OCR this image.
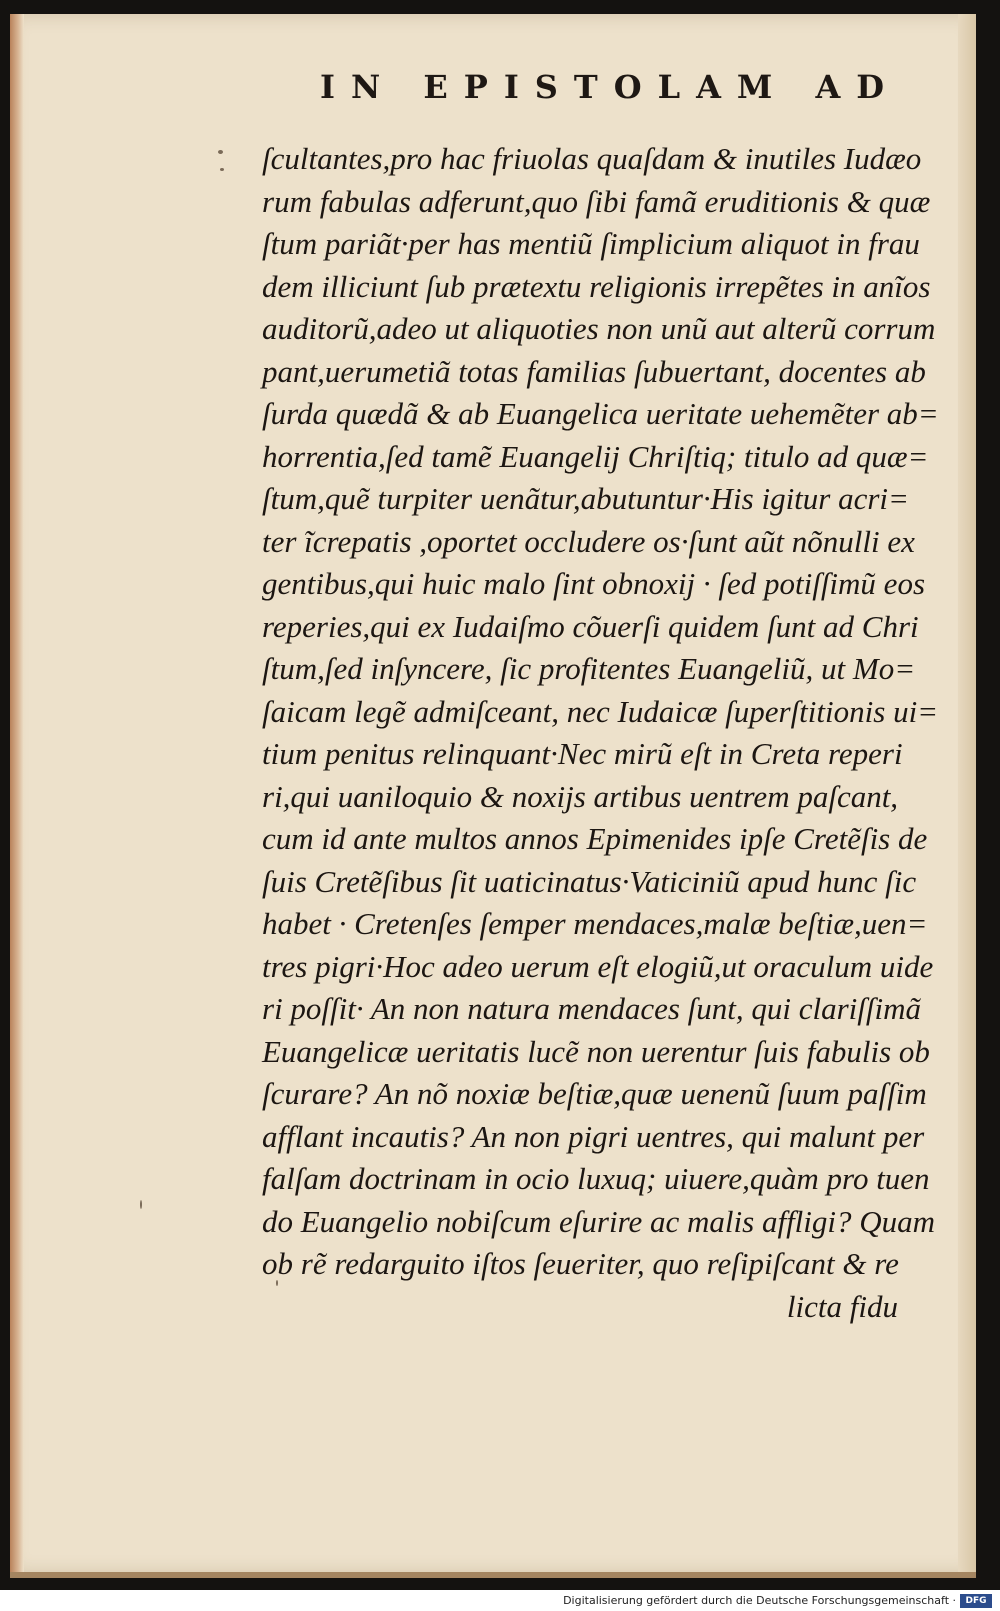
IN EPISTOLAM AD
ſcultantes,pro hac friuolas quaſdam & inutiles Iudæo
rum fabulas adferunt,quo ſibi famã eruditionis & quæ
ſtum pariãt·per has mentiũ ſimplicium aliquot in frau
dem illiciunt ſub prætextu religionis irrepẽtes in anĩos
auditorũ,adeo ut aliquoties non unũ aut alterũ corrum
pant,uerumetiã totas familias ſubuertant, docentes ab
ſurda quædã & ab Euangelica ueritate uehemẽter ab=
horrentia,ſed tamẽ Euangelij Chriſtiq; titulo ad quæ=
ſtum,quẽ turpiter uenãtur,abutuntur·His igitur acri=
ter ĩcrepatis ,oportet occludere os·ſunt aũt nõnulli ex
gentibus,qui huic malo ſint obnoxij · ſed potiſſimũ eos
reperies,qui ex Iudaiſmo cõuerſi quidem ſunt ad Chri
ſtum,ſed inſyncere, ſic profitentes Euangeliũ, ut Mo=
ſaicam legẽ admiſceant, nec Iudaicæ ſuperſtitionis ui=
tium penitus relinquant·Nec mirũ eſt in Creta reperi
ri,qui uaniloquio & noxijs artibus uentrem paſcant,
cum id ante multos annos Epimenides ipſe Cretẽſis de
ſuis Cretẽſibus ſit uaticinatus·Vaticiniũ apud hunc ſic
habet · Cretenſes ſemper mendaces,malæ beſtiæ,uen=
tres pigri·Hoc adeo uerum eſt elogiũ,ut oraculum uide
ri poſſit· An non natura mendaces ſunt, qui clariſſimã
Euangelicæ ueritatis lucẽ non uerentur ſuis fabulis ob
ſcurare? An nõ noxiæ beſtiæ,quæ uenenũ ſuum paſſim
afflant incautis? An non pigri uentres, qui malunt per
falſam doctrinam in ocio luxuq; uiuere,quàm pro tuen
do Euangelio nobiſcum eſurire ac malis affligi? Quam
ob rẽ redarguito iſtos ſeueriter, quo reſipiſcant & re
licta fidu
Digitalisierung gefördert durch die Deutsche Forschungsgemeinschaft ·	DFG
